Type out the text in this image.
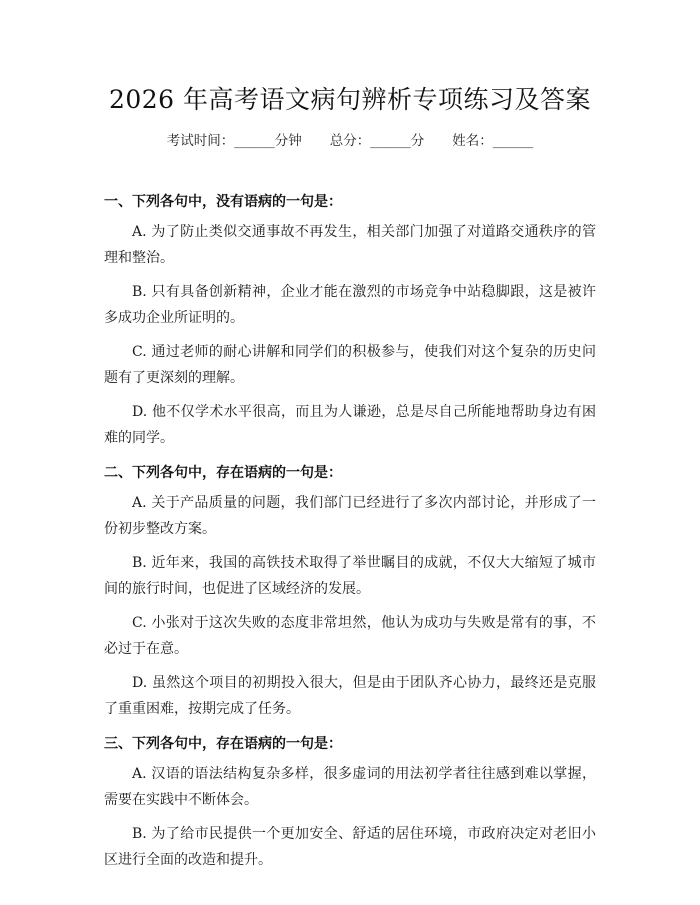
2026 年高考语文病句辨析专项练习及答案
考试时间：______分钟 总分：______分 姓名：______

一、下列各句中，没有语病的一句是：

A. 为了防止类似交通事故不再发生，相关部门加强了对道路交通秩序的管理和整治。

B. 只有具备创新精神，企业才能在激烈的市场竞争中站稳脚跟，这是被许多成功企业所证明的。

C. 通过老师的耐心讲解和同学们的积极参与，使我们对这个复杂的历史问题有了更深刻的理解。

D. 他不仅学术水平很高，而且为人谦逊，总是尽自己所能地帮助身边有困难的同学。

二、下列各句中，存在语病的一句是：

A. 关于产品质量的问题，我们部门已经进行了多次内部讨论，并形成了一份初步整改方案。

B. 近年来，我国的高铁技术取得了举世瞩目的成就，不仅大大缩短了城市间的旅行时间，也促进了区域经济的发展。

C. 小张对于这次失败的态度非常坦然，他认为成功与失败是常有的事，不必过于在意。

D. 虽然这个项目的初期投入很大，但是由于团队齐心协力，最终还是克服了重重困难，按期完成了任务。

三、下列各句中，存在语病的一句是：

A. 汉语的语法结构复杂多样，很多虚词的用法初学者往往感到难以掌握，需要在实践中不断体会。

B. 为了给市民提供一个更加安全、舒适的居住环境，市政府决定对老旧小区进行全面的改造和提升。
